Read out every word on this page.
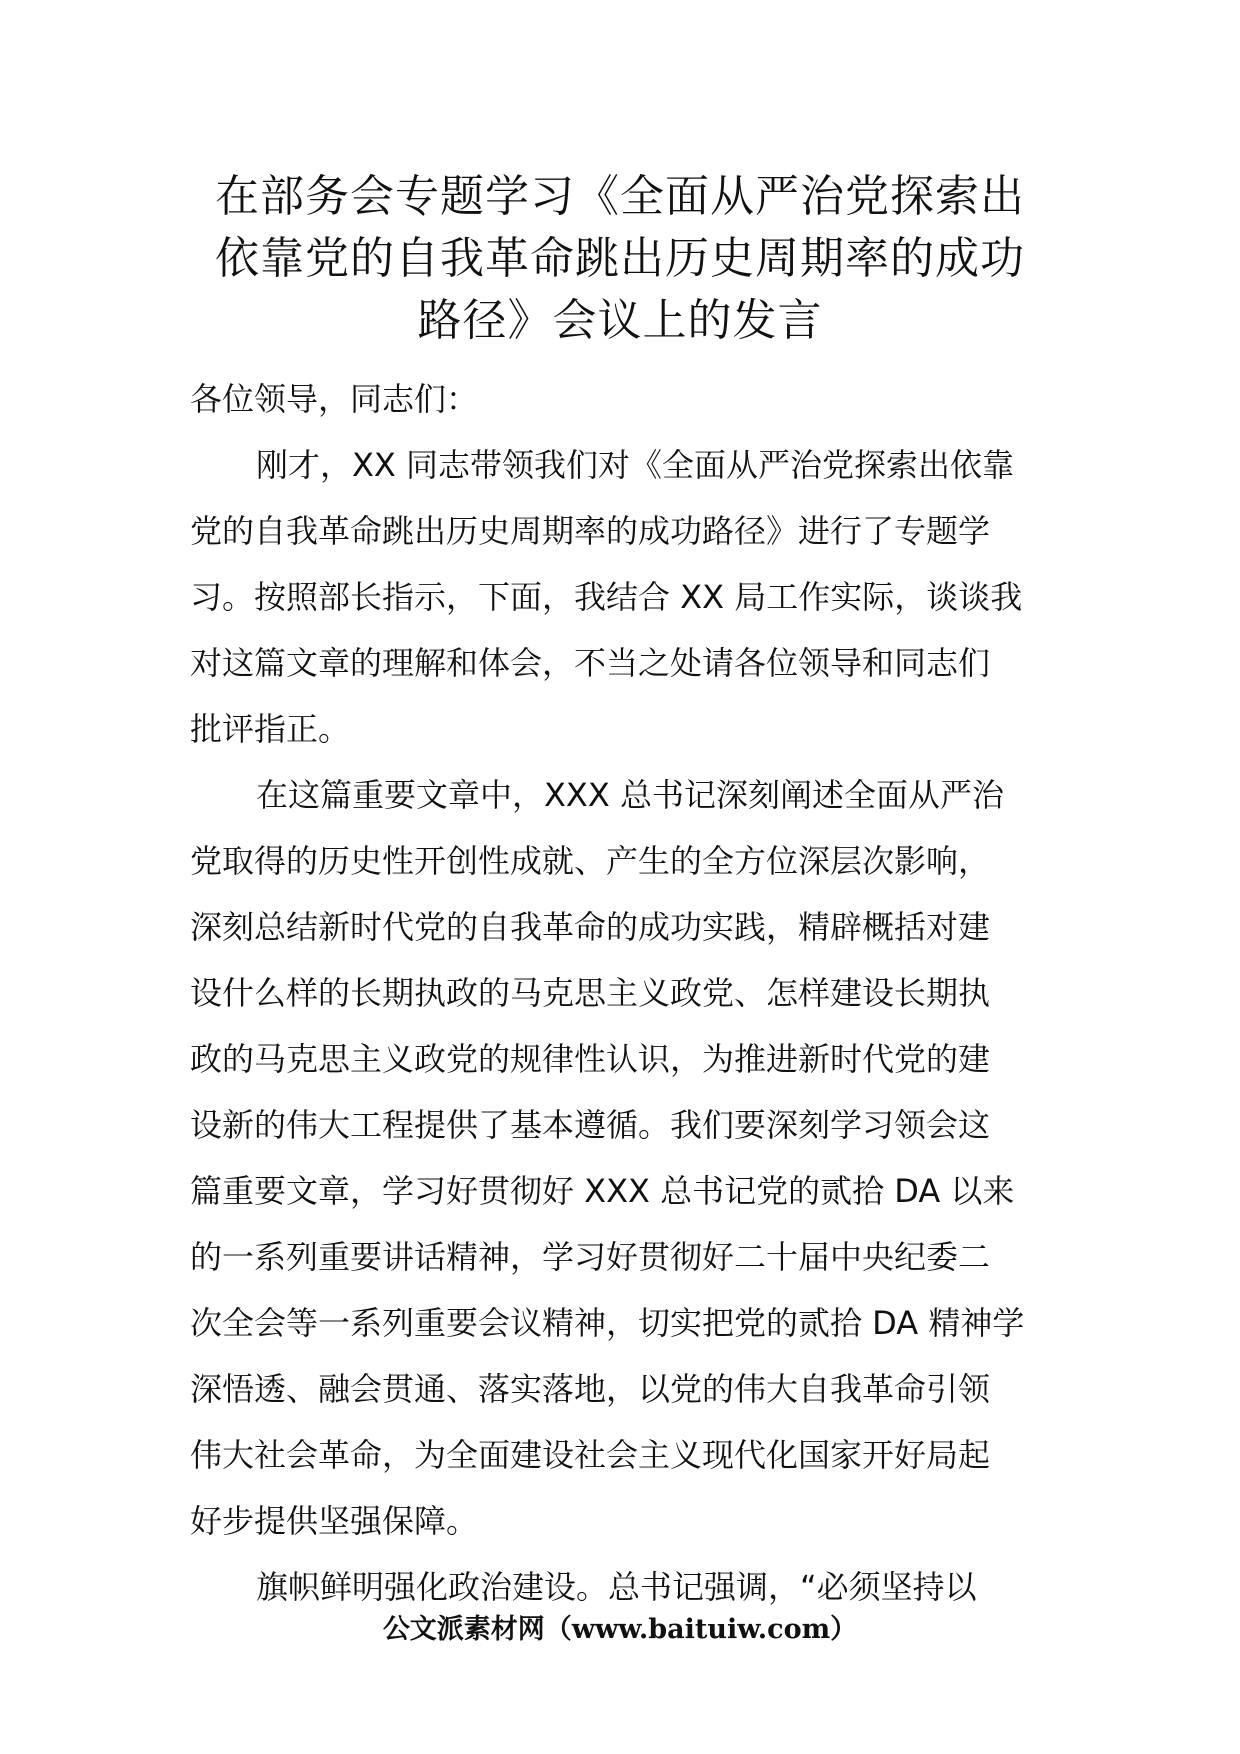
在部务会专题学习《全面从严治党探索出
依靠党的自我革命跳出历史周期率的成功
路径》会议上的发言

各位领导，同志们：

刚才，XX 同志带领我们对《全面从严治党探索出依靠
党的自我革命跳出历史周期率的成功路径》进行了专题学
习。按照部长指示，下面，我结合 XX 局工作实际，谈谈我
对这篇文章的理解和体会，不当之处请各位领导和同志们
批评指正。

在这篇重要文章中，XXX 总书记深刻阐述全面从严治
党取得的历史性开创性成就、产生的全方位深层次影响，
深刻总结新时代党的自我革命的成功实践，精辟概括对建
设什么样的长期执政的马克思主义政党、怎样建设长期执
政的马克思主义政党的规律性认识，为推进新时代党的建
设新的伟大工程提供了基本遵循。我们要深刻学习领会这
篇重要文章，学习好贯彻好 XXX 总书记党的贰拾 DA 以来
的一系列重要讲话精神，学习好贯彻好二十届中央纪委二
次全会等一系列重要会议精神，切实把党的贰拾 DA 精神学
深悟透、融会贯通、落实落地，以党的伟大自我革命引领
伟大社会革命，为全面建设社会主义现代化国家开好局起
好步提供坚强保障。

旗帜鲜明强化政治建设。总书记强调，“必须坚持以

公文派素材网（www.baituiw.com）
